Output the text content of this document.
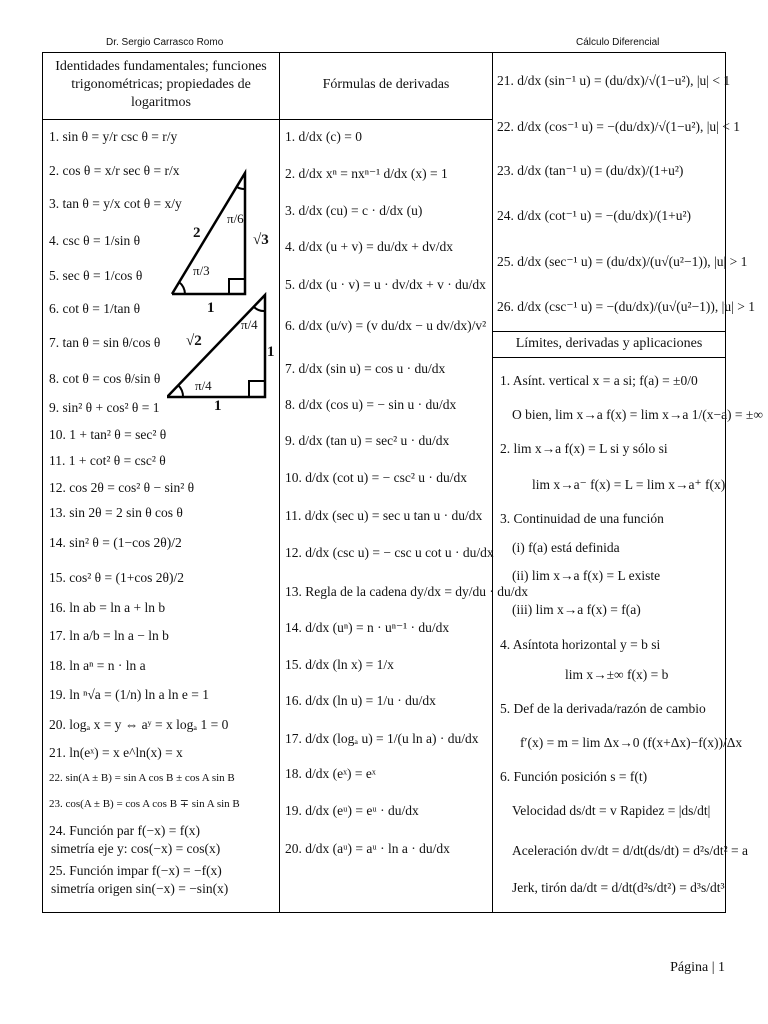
Dr. Sergio Carrasco Romo	Cálculo Diferencial
Identidades fundamentales; funciones trigonométricas; propiedades de logaritmos
Fórmulas de derivadas
Límites, derivadas y aplicaciones
2	√3
1
π/6
π/3
√2
1
1
π/4
π/4
1. sin θ = y/r csc θ = r/y
2. cos θ = x/r sec θ = r/x
3. tan θ = y/x cot θ = x/y
4. csc θ = 1/sin θ
5. sec θ = 1/cos θ
6. cot θ = 1/tan θ
7. tan θ = sin θ/cos θ
8. cot θ = cos θ/sin θ
9. sin² θ + cos² θ = 1
10. 1 + tan² θ = sec² θ
11. 1 + cot² θ = csc² θ
12. cos 2θ = cos² θ − sin² θ
13. sin 2θ = 2 sin θ cos θ
14. sin² θ = (1−cos 2θ)/2
15. cos² θ = (1+cos 2θ)/2
16. ln ab = ln a + ln b
17. ln a/b = ln a − ln b
18. ln aⁿ = n · ln a
19. ln ⁿ√a = (1/n) ln a ln e = 1
20. logₐ x = y ⇔ aʸ = x logₐ 1 = 0
21. ln(eˣ) = x e^ln(x) = x
22. sin(A ± B) = sin A cos B ± cos A sin B
23. cos(A ± B) = cos A cos B ∓ sin A sin B
24. Función par f(−x) = f(x)
simetría eje y: cos(−x) = cos(x)
25. Función impar f(−x) = −f(x)
simetría origen sin(−x) = −sin(x)
1. d/dx (c) = 0
2. d/dx xⁿ = nxⁿ⁻¹ d/dx (x) = 1
3. d/dx (cu) = c · d/dx (u)
4. d/dx (u + v) = du/dx + dv/dx
5. d/dx (u · v) = u · dv/dx + v · du/dx
6. d/dx (u/v) = (v du/dx − u dv/dx)/v²
7. d/dx (sin u) = cos u · du/dx
8. d/dx (cos u) = − sin u · du/dx
9. d/dx (tan u) = sec² u · du/dx
10. d/dx (cot u) = − csc² u · du/dx
11. d/dx (sec u) = sec u tan u · du/dx
12. d/dx (csc u) = − csc u cot u · du/dx
13. Regla de la cadena dy/dx = dy/du · du/dx
14. d/dx (uⁿ) = n · uⁿ⁻¹ · du/dx
15. d/dx (ln x) = 1/x
16. d/dx (ln u) = 1/u · du/dx
17. d/dx (logₐ u) = 1/(u ln a) · du/dx
18. d/dx (eˣ) = eˣ
19. d/dx (eᵘ) = eᵘ · du/dx
20. d/dx (aᵘ) = aᵘ · ln a · du/dx
21. d/dx (sin⁻¹ u) = (du/dx)/√(1−u²), |u| < 1
22. d/dx (cos⁻¹ u) = −(du/dx)/√(1−u²), |u| < 1
23. d/dx (tan⁻¹ u) = (du/dx)/(1+u²)
24. d/dx (cot⁻¹ u) = −(du/dx)/(1+u²)
25. d/dx (sec⁻¹ u) = (du/dx)/(u√(u²−1)), |u| > 1
26. d/dx (csc⁻¹ u) = −(du/dx)/(u√(u²−1)), |u| > 1
1. Asínt. vertical x = a si; f(a) = ±0/0
O bien, lim x→a f(x) = lim x→a 1/(x−a) = ±∞
2. lim x→a f(x) = L si y sólo si
lim x→a⁻ f(x) = L = lim x→a⁺ f(x)
3. Continuidad de una función
(i) f(a) está definida
(ii) lim x→a f(x) = L existe
(iii) lim x→a f(x) = f(a)
4. Asíntota horizontal y = b si
lim x→±∞ f(x) = b
5. Def de la derivada/razón de cambio
f′(x) = m = lim Δx→0 (f(x+Δx)−f(x))/Δx
6. Función posición s = f(t)
Velocidad ds/dt = v Rapidez = |ds/dt|
Aceleración dv/dt = d/dt(ds/dt) = d²s/dt² = a
Jerk, tirón da/dt = d/dt(d²s/dt²) = d³s/dt³
Página | 1
